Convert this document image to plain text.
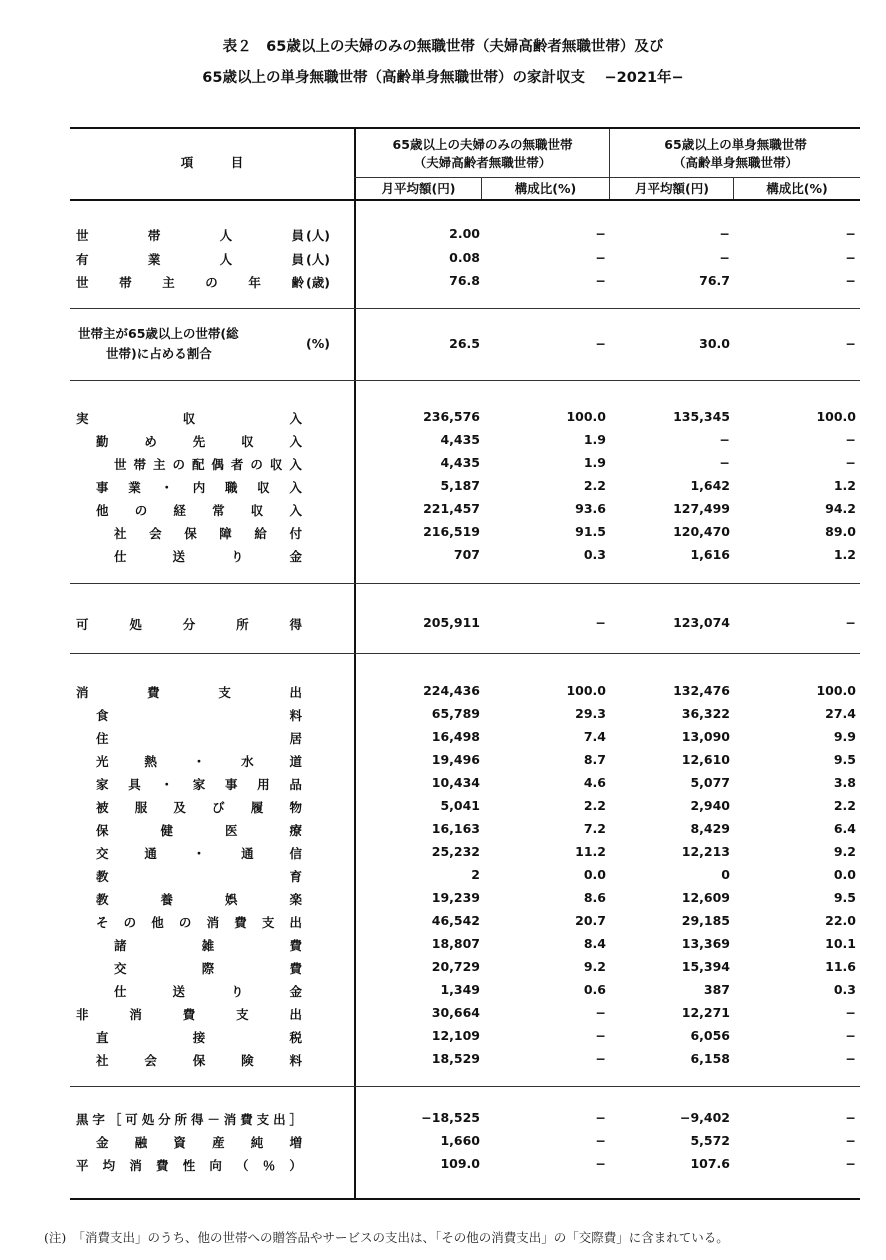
表２　65歳以上の夫婦のみの無職世帯（夫婦高齢者無職世帯）及び
65歳以上の単身無職世帯（高齢単身無職世帯）の家計収支　 −2021年−
項　　　目
65歳以上の夫婦のみの無職世帯
（夫婦高齢者無職世帯）
65歳以上の単身無職世帯
（高齢単身無職世帯）
月平均額(円)	構成比(%)	月平均額(円)	構成比(%)
世	帯	人	員 (人)	2.00	−	−	−
有	業	人	員 (人)	0.08	−	−	−
世 帯 主 の 年 齢 (歳)	76.8	−	76.7	−
世帯主が65歳以上の世帯(総
世帯)に占める割合
(%)	26.5	−	30.0	−
実	収	入	236,576	100.0	135,345	100.0
勤	め	先	収	入	4,435	1.9	−	−
世 帯 主 の 配 偶 者 の 収 入	4,435	1.9	−	−
事 業 ・ 内 職 収 入	5,187	2.2	1,642	1.2
他 の 経 常 収 入	221,457	93.6	127,499	94.2
社 会 保 障 給 付	216,519	91.5	120,470	89.0
仕	送	り	金	707	0.3	1,616	1.2
可	処	分	所	得	205,911	−	123,074	−
消	費	支	出	224,436	100.0	132,476	100.0
食	料	65,789	29.3	36,322	27.4
住	居	16,498	7.4	13,090	9.9
光	熱	・	水	道	19,496	8.7	12,610	9.5
家 具 ・ 家 事 用 品	10,434	4.6	5,077	3.8
被 服 及 び 履 物	5,041	2.2	2,940	2.2
保	健	医	療	16,163	7.2	8,429	6.4
交	通	・	通	信	25,232	11.2	12,213	9.2
教	育	2	0.0	0	0.0
教	養	娯	楽	19,239	8.6	12,609	9.5
そ の 他 の 消 費 支 出	46,542	20.7	29,185	22.0
諸	雑	費	18,807	8.4	13,369	10.1
交	際	費	20,729	9.2	15,394	11.6
仕	送	り	金	1,349	0.6	387	0.3
非	消	費	支	出	30,664	−	12,271	−
直	接	税	12,109	−	6,056	−
社	会	保	険	料	18,529	−	6,158	−
黒 字 ［ 可 処 分 所 得 － 消 費 支 出 ］	−18,525	−	−9,402	−
金 融 資 産 純 増	1,660	−	5,572	−
平 均 消 費 性 向 （ ％ ）	109.0	−	107.6	−
(注)　「消費支出」のうち、他の世帯への贈答品やサービスの支出は、「その他の消費支出」の「交際費」に含まれている。
